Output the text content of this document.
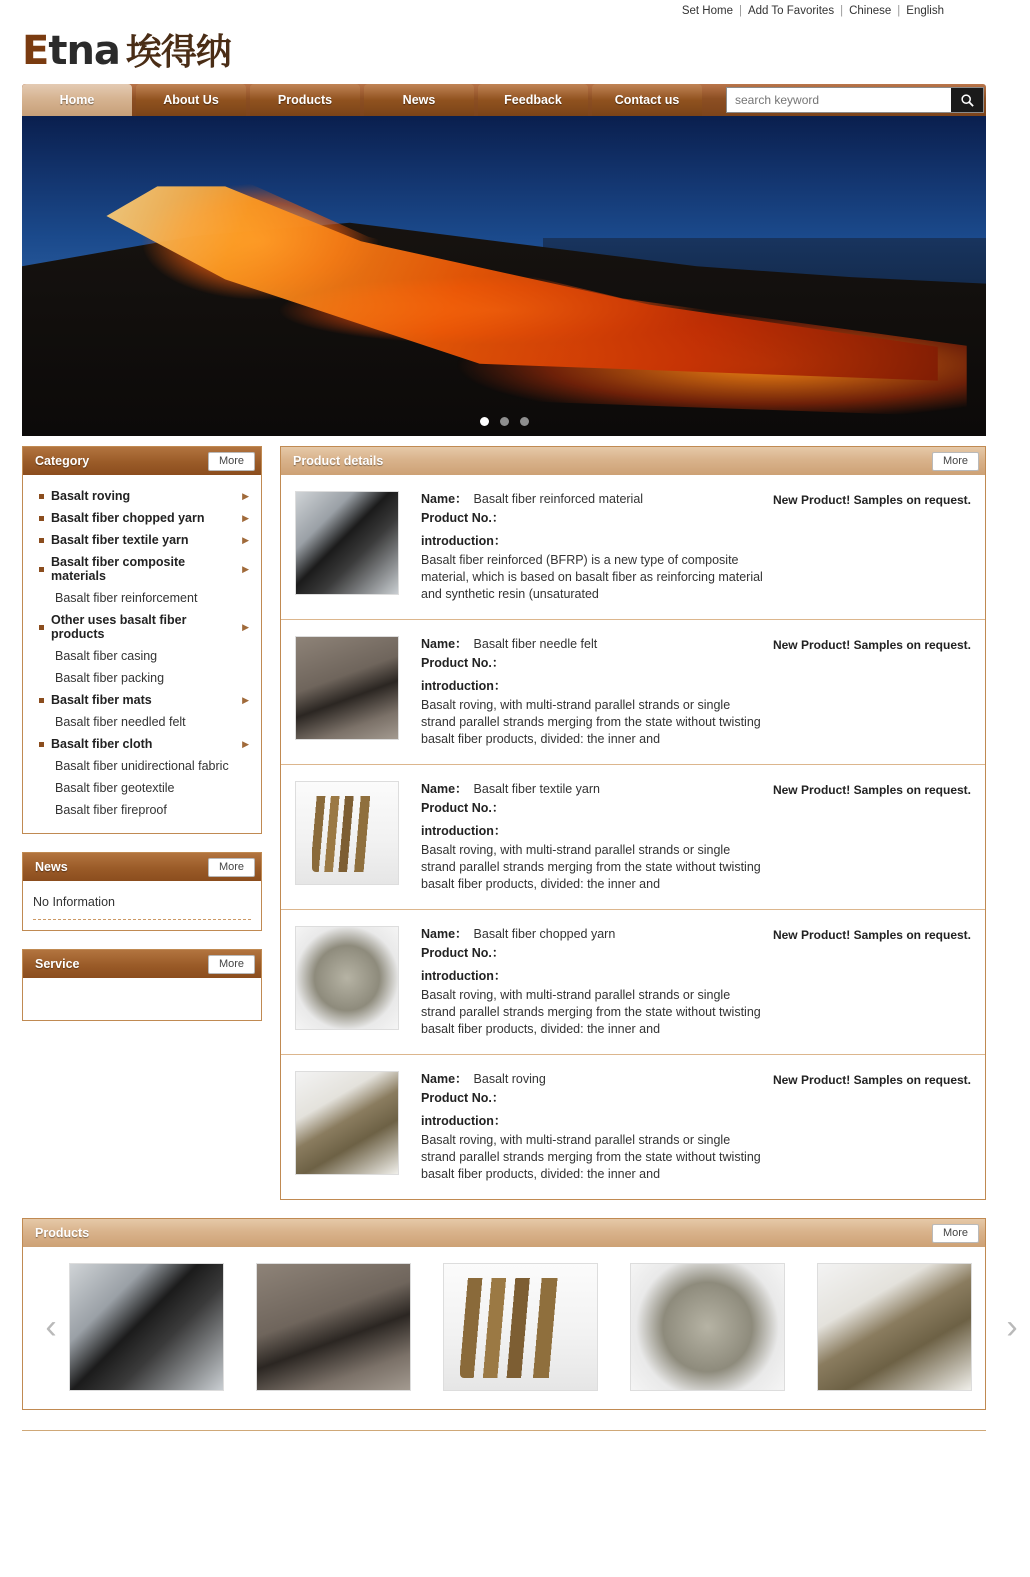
Set Home | Add To Favorites | Chinese | English
Etna 埃得纳
Home	About Us	Products	News	Feedback	Contact us
search keyword
Category	More
Basalt roving	▶
Basalt fiber chopped yarn	▶
Basalt fiber textile yarn	▶
Basalt fiber composite materials
▶
Basalt fiber reinforcement
Other uses basalt fiber products
▶
Basalt fiber casing
Basalt fiber packing
Basalt fiber mats	▶
Basalt fiber needled felt
Basalt fiber cloth	▶
Basalt fiber unidirectional fabric
Basalt fiber geotextile
Basalt fiber fireproof
News	More
No Information
Service	More
Product details	More
Name： Basalt fiber reinforced material
Product No.：
introduction：
Basalt fiber reinforced (BFRP) is a new type of composite material, which is based on basalt fiber as reinforcing material and synthetic resin (unsaturated
New Product! Samples on request.
Name： Basalt fiber needle felt
Product No.：
introduction：
Basalt roving, with multi-strand parallel strands or single strand parallel strands merging from the state without twisting basalt fiber products, divided: the inner and
New Product! Samples on request.
Name： Basalt fiber textile yarn
Product No.：
introduction：
Basalt roving, with multi-strand parallel strands or single strand parallel strands merging from the state without twisting basalt fiber products, divided: the inner and
New Product! Samples on request.
Name： Basalt fiber chopped yarn
Product No.：
introduction：
Basalt roving, with multi-strand parallel strands or single strand parallel strands merging from the state without twisting basalt fiber products, divided: the inner and
New Product! Samples on request.
Name： Basalt roving
Product No.：
introduction：
Basalt roving, with multi-strand parallel strands or single strand parallel strands merging from the state without twisting basalt fiber products, divided: the inner and
New Product! Samples on request.
Products	More
‹	›
